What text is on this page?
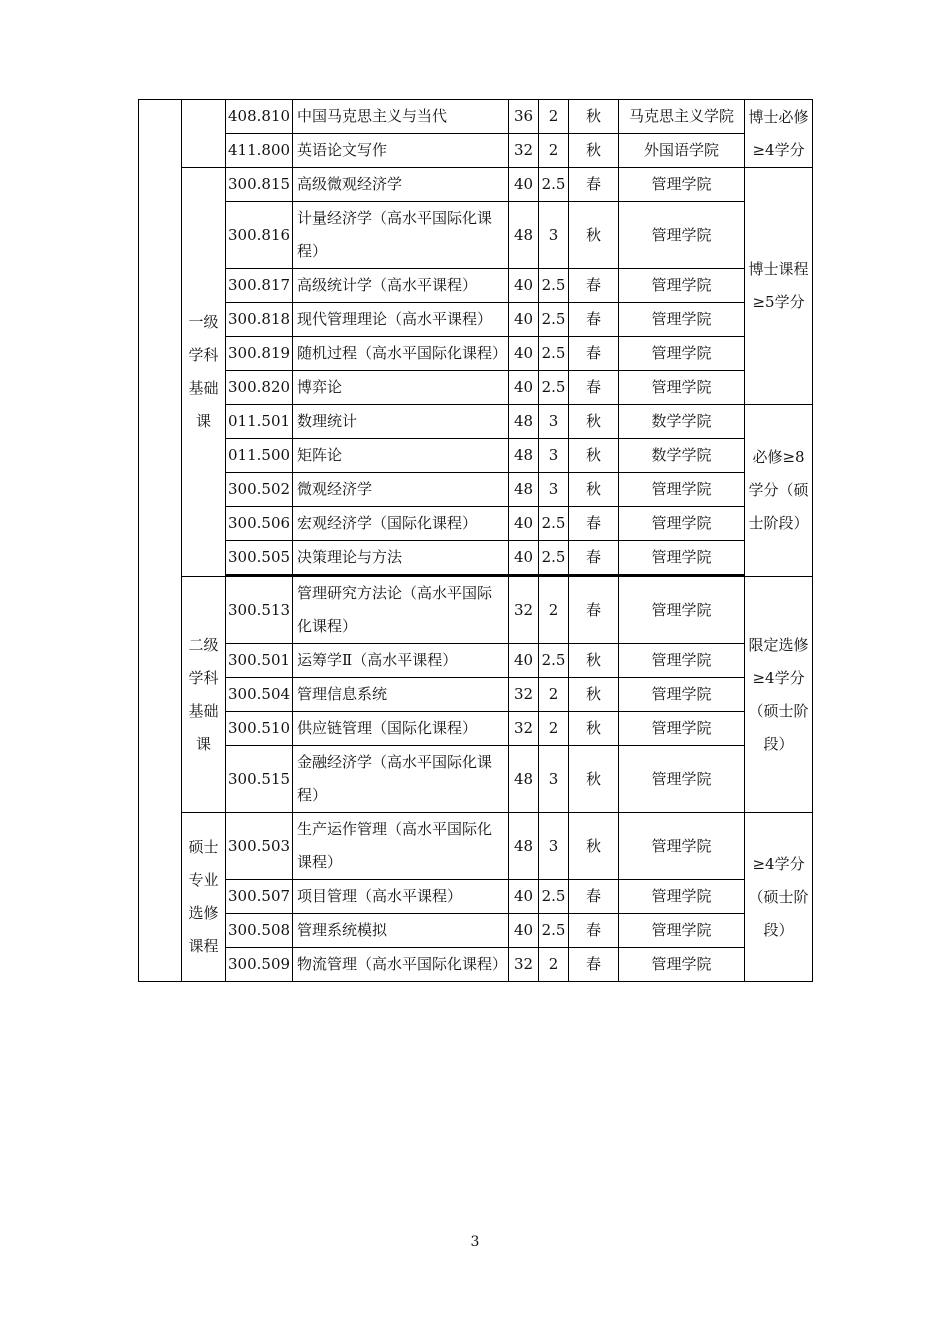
		408.810	中国马克思主义与当代	36	2	秋	马克思主义学院	博士必修≥4学分

		411.800	英语论文写作	32	2	秋	外国语学院	

	一级学科基础课	300.815	高级微观经济学	40	2.5	春	管理学院	博士课程≥5学分
		300.816	计量经济学（高水平国际化课程）	48	3	秋	管理学院	

		300.817	高级统计学（高水平课程）	40	2.5	春	管理学院	
		300.818	现代管理理论（高水平课程）	40	2.5	春	管理学院	
		300.819	随机过程（高水平国际化课程）	40	2.5	春	管理学院	

		300.820	博弈论	40	2.5	春	管理学院	
		011.501	数理统计	48	3	秋	数学学院	必修≥8学分（硕士阶段）
		011.500	矩阵论	48	3	秋	数学学院	
		300.502	微观经济学	48	3	秋	管理学院	
		300.506	宏观经济学（国际化课程）	40	2.5	春	管理学院	
		300.505	决策理论与方法	40	2.5	春	管理学院	

	二级学科基础课	300.513	管理研究方法论（高水平国际化课程）	32	2	春	管理学院	限定选修≥4学分（硕士阶段）

		300.501	运筹学Ⅱ（高水平课程）	40	2.5	秋	管理学院	
		300.504	管理信息系统	32	2	秋	管理学院	
		300.510	供应链管理（国际化课程）	32	2	秋	管理学院	
		300.515	金融经济学（高水平国际化课程）	48	3	秋	管理学院	

	硕士专业选修课程	300.503	生产运作管理（高水平国际化课程）	48	3	秋	管理学院	≥4学分（硕士阶段）

		300.507	项目管理（高水平课程）	40	2.5	春	管理学院	
		300.508	管理系统模拟	40	2.5	春	管理学院	
		300.509	物流管理（高水平国际化课程）	32	2	春	管理学院	

3
